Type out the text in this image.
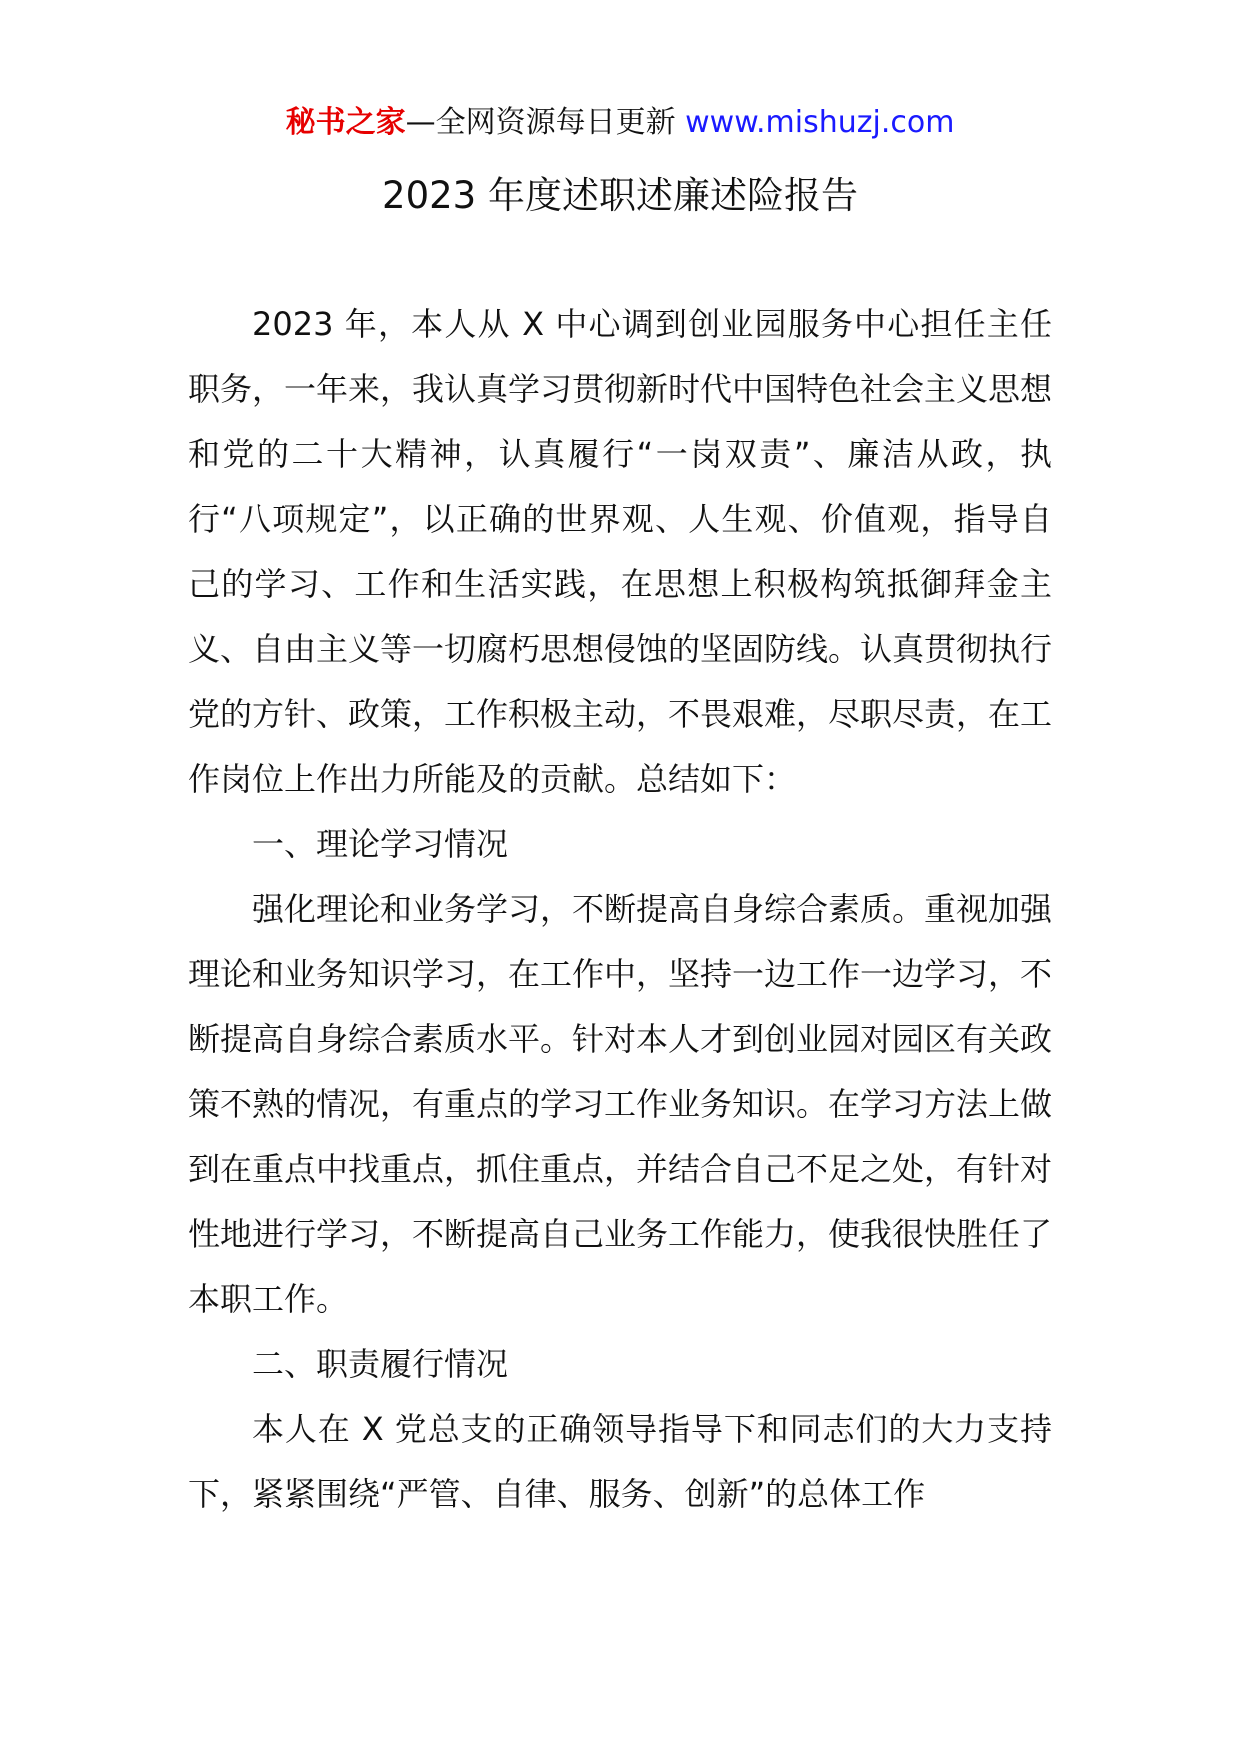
秘书之家—全网资源每日更新 www.mishuzj.com
2023 年度述职述廉述险报告

2023 年，本人从 X 中心调到创业园服务中心担任主任职务，一年来，我认真学习贯彻新时代中国特色社会主义思想和党的二十大精神，认真履行“一岗双责”、廉洁从政，执行“八项规定”，以正确的世界观、人生观、价值观，指导自己的学习、工作和生活实践，在思想上积极构筑抵御拜金主义、自由主义等一切腐朽思想侵蚀的坚固防线。认真贯彻执行党的方针、政策，工作积极主动，不畏艰难，尽职尽责，在工作岗位上作出力所能及的贡献。总结如下：

一、理论学习情况

强化理论和业务学习，不断提高自身综合素质。重视加强理论和业务知识学习，在工作中，坚持一边工作一边学习，不断提高自身综合素质水平。针对本人才到创业园对园区有关政策不熟的情况，有重点的学习工作业务知识。在学习方法上做到在重点中找重点，抓住重点，并结合自己不足之处，有针对性地进行学习，不断提高自己业务工作能力，使我很快胜任了本职工作。

二、职责履行情况

本人在 X 党总支的正确领导指导下和同志们的大力支持下，紧紧围绕“严管、自律、服务、创新”的总体工作
